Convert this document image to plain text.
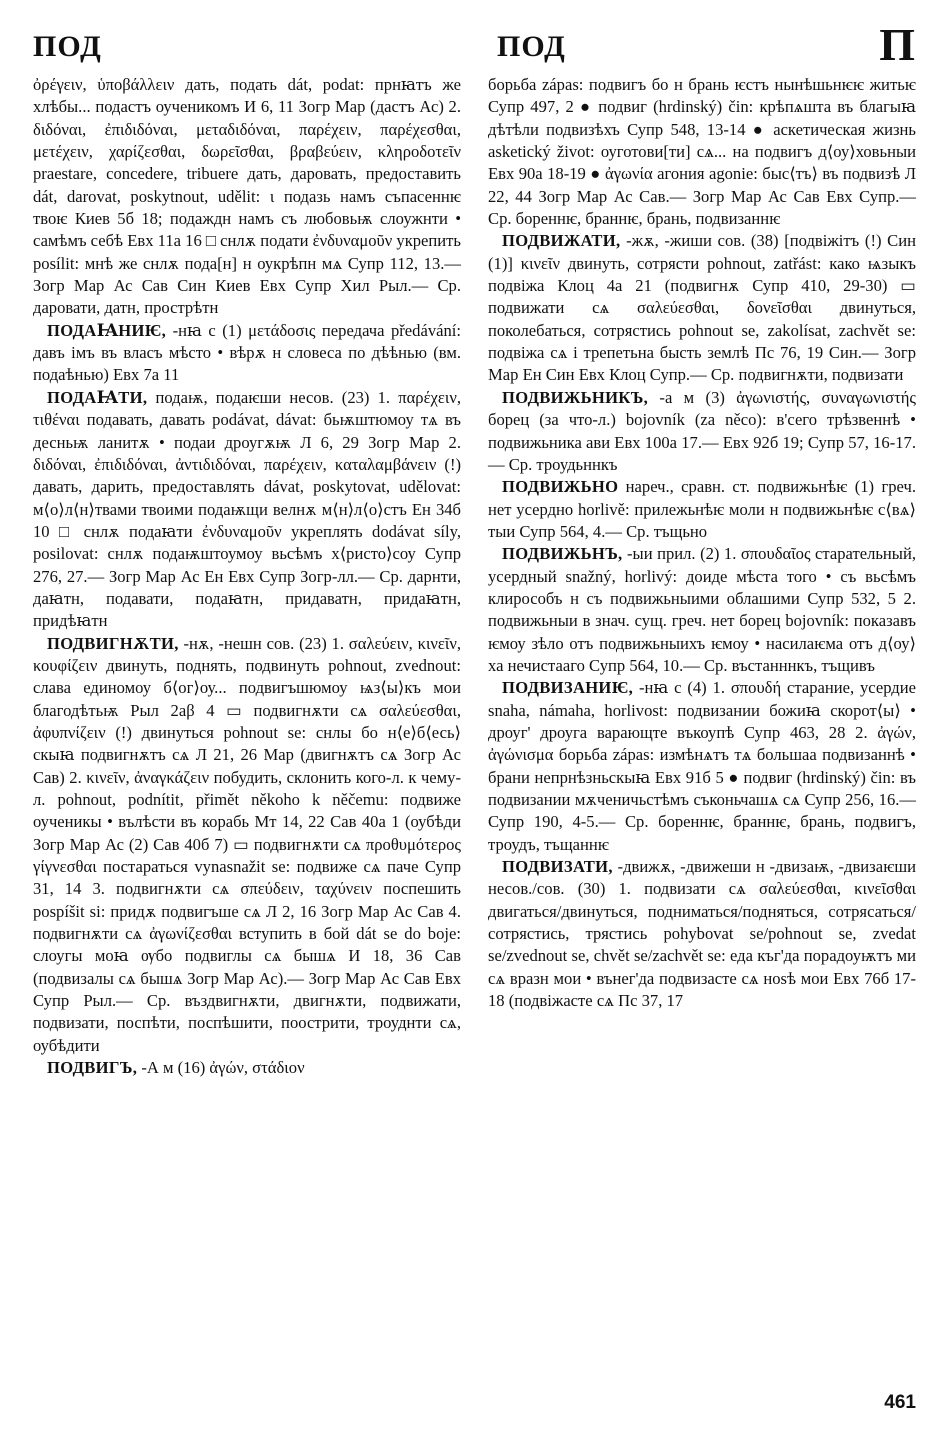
ПОД	ПОД	П

ὀρέγειν, ὑποβάλλειν дать, подать dát, podat: прнꙗтъ же хлѣбы... подастъ оученикомъ И 6, 11 Зогр Мар (дастъ Ас) 2. διδόναι, ἐπιδιδόναι, μεταδιδόναι, παρέχειν, παρέχεσθαι, μετέχειν, χαρίζεσθαι, δωρεῖσθαι, βραβεύειν, κληροδοτεῖν praestare, concedere, tribuere дать, даровать, предоставить dát, darovat, poskytnout, udělit: ι подазь намъ съпасеннѥ твоѥ Киев 5б 18; подаждн намъ съ любовьѭ слоужнти • самѣмъ себѣ Евх 11а 16 □ снлѫ подати ἐνδυναμοῦν укрепить posílit: мнѣ же снлѫ пода[н] н оукрѣпн мѧ Супр 112, 13.— Зогр Мар Ас Сав Син Киев Евх Супр Хил Рыл.— Ср. даровати, датн, прострѣтн

ПОДАꙖНИѤ, -нꙗ с (1) μετάδοσις передача předávání: давъ імъ въ власъ мѣсто • вѣрѫ н словеса по дѣѣнью (вм. подаѣнью) Евх 7а 11

ПОДАꙖТИ, подаѭ, подаѥши несов. (23) 1. παρέχειν, τιθέναι подавать, давать podávat, dávat: бьѭштюмоу тѧ въ десньѭ ланитѫ • подаи дроугѫѭ Л 6, 29 Зогр Мар 2. διδόναι, ἐπιδιδόναι, ἀντιδιδόναι, παρέχειν, καταλαμβάνειν (!) давать, дарить, предоставлять dávat, poskytovat, udělovat: м⟨о⟩л⟨н⟩твами твоими подаѭщи велнѫ м⟨н⟩л⟨о⟩стъ Ен 34б 10 □ снлѫ подаꙗти ἐνδυναμοῦν укреплять dodávat síly, posilovat: снлѫ подаѭштоумоу вьсѣмъ х⟨ристо⟩соу Супр 276, 27.— Зогр Мар Ас Ен Евх Супр Зогр-лл.— Ср. дарнти, даꙗтн, подавати, подаꙗтн, придаватн, придаꙗтн, придѣꙗтн

ПОДВИГНѪТИ, -нѫ, -нешн сов. (23) 1. σαλεύειν, κινεῖν, κουφίζειν двинуть, поднять, подвинуть pohnout, zvednout: слава единомоу б⟨ог⟩оу... подвигъшюмоу ѩз⟨ы⟩къ мои благодѣтьѭ Рыл 2аβ 4 ▭ подвигнѫти сѧ σαλεύεσθαι, ἀφυπνίζειν (!) двинуться pohnout se: снлы бо н⟨е⟩б⟨есь⟩скыꙗ подвигнѫтъ сѧ Л 21, 26 Мар (двигнѫтъ сѧ Зогр Ас Сав) 2. κινεῖν, ἀναγκάζειν побудить, склонить кого-л. к чему-л. pohnout, podnítit, přimět někoho k něčemu: подвиже оученикы • вълѣсти въ корабь Мт 14, 22 Сав 40а 1 (оубѣди Зогр Мар Ас (2) Сав 40б 7) ▭ подвигнѫти сѧ προθυμότερος γίγνεσθαι постараться vynasnažit se: подвиже сѧ паче Супр 31, 14 3. подвигнѫти сѧ σπεύδειν, ταχύνειν поспешить pospíšit si: придѫ подвигъше сѧ Л 2, 16 Зогр Мар Ас Сав 4. подвигнѫти сѧ ἀγωνίζεσθαι вступить в бой dát se do boje: слоугы моꙗ ѹбо подвиглы сѧ бышѧ И 18, 36 Сав (подвизалы сѧ бышѧ Зогр Мар Ас).— Зогр Мар Ас Сав Евх Супр Рыл.— Ср. въздвигнѫти, двигнѫти, подвижати, подвизати, поспѣти, поспѣшити, поострити, троуднти сѧ, оубѣдити

ПОДВИГЪ, -А м (16) ἀγών, στάδιον

борьба zápas: подвигъ бо н брань ѥстъ нынѣшьнѥѥ житьѥ Супр 497, 2 ● подвиг (hrdinský) čin: крѣпѧшта въ благыꙗ дѣтѣли подвизѣхъ Супр 548, 13-14 ● аскетическая жизнь asketický život: оуготови[ти] сѧ... на подвигъ д⟨оу⟩ховьныи Евх 90а 18-19 ● ἀγωνία агония agonie: быс⟨тъ⟩ въ подвизѣ Л 22, 44 Зогр Мар Ас Сав.— Зогр Мар Ас Сав Евх Супр.— Ср. бореннѥ, браннѥ, брань, подвизаннѥ

ПОДВИЖАТИ, -жѫ, -жиши сов. (38) [подвіжітъ (!) Син (1)] κινεῖν двинуть, сотрясти pohnout, zatřást: како ѩзыкъ подвіжа Клоц 4а 21 (подвигнѫ Супр 410, 29-30) ▭ подвижати сѧ σαλεύεσθαι, δονεῖσθαι двинуться, поколебаться, сотрястись pohnout se, zakolísat, zachvět se: подвіжа сѧ і трепетьна бысть землѣ Пс 76, 19 Син.— Зогр Мар Ен Син Евх Клоц Супр.— Ср. подвигнѫти, подвизати

ПОДВИЖЬНИКЪ, -а м (3) ἀγωνιστής, συναγωνιστής борец (за что-л.) bojovník (za něco): в'сего трѣзвеннѣ • подвижьника ави Евх 100а 17.— Евх 92б 19; Супр 57, 16-17.— Ср. троудьннкъ

ПОДВИЖЬНО нареч., сравн. ст. подвижьнѣѥ (1) греч. нет усердно horlivě: прилежьнѣѥ моли н подвижьнѣѥ с⟨вѧ⟩тыи Супр 564, 4.— Ср. тъщьно

ПОДВИЖЬНЪ, -ыи прил. (2) 1. σπουδαῖος старательный, усердный snažný, horlivý: доиде мѣста того • съ вьсѣмъ клирособъ н съ подвижьныими облашими Супр 532, 5 2. подвижьныи в знач. сущ. греч. нет борец bojovník: показавъ ѥмоу зѣло отъ подвижьныихъ ѥмоу • насилаѥма отъ д⟨оу⟩ха нечистааго Супр 564, 10.— Ср. въстанннкъ, тъщивъ

ПОДВИЗАНИѤ, -нꙗ с (4) 1. σπουδή старание, усердие snaha, námaha, horlivost: подвизании божиꙗ скорот⟨ы⟩ • дроуг' дроуга варающте въкоупѣ Супр 463, 28 2. ἀγών, ἀγώνισμα борьба zápas: измѣнѧтъ тѧ большаа подвизаннѣ • брани непрнѣзньскыꙗ Евх 91б 5 ● подвиг (hrdinský) čin: въ подвизании мѫченичьстѣмъ съконьчашѧ сѧ Супр 256, 16.— Супр 190, 4-5.— Ср. бореннѥ, браннѥ, брань, подвигъ, троудъ, тъщаннѥ

ПОДВИЗАТИ, -движѫ, -движеши н -двизаѭ, -двизаѥши несов./сов. (30) 1. подвизати сѧ σαλεύεσθαι, κινεῖσθαι двигаться/двинуться, подниматься/подняться, сотрясаться/сотрястись, трястись pohybovat se/pohnout se, zvedat se/zvednout se, chvět se/zachvět se: еда къг'да порадоуѭтъ ми сѧ вразн мои • вънег'да подвизасте сѧ ноѕѣ мои Евх 76б 17-18 (подвіжасте сѧ Пс 37, 17

461
